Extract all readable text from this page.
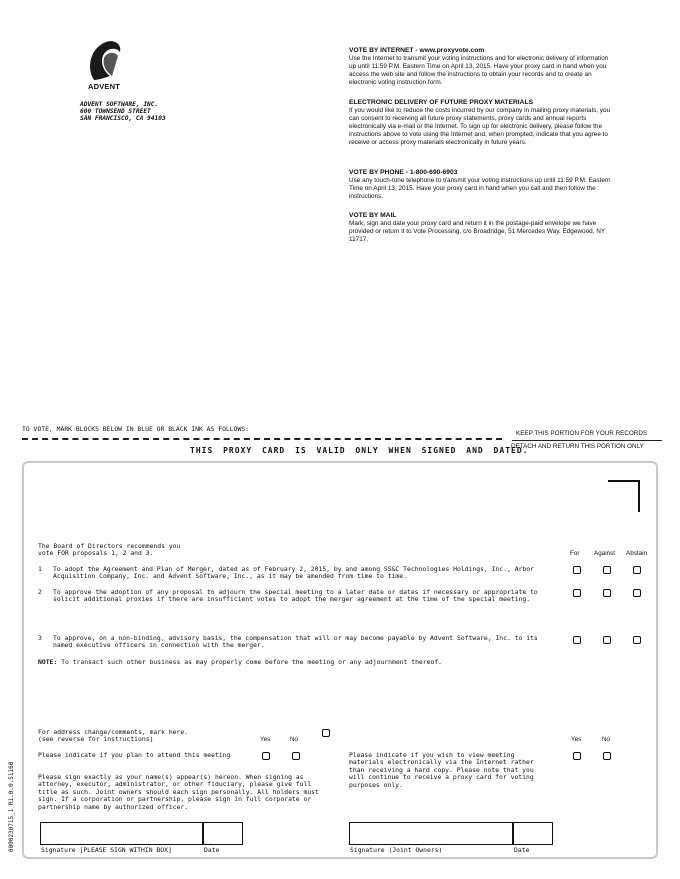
ADVENT
ADVENT SOFTWARE, INC.
600 TOWNSEND STREET
SAN FRANCISCO, CA 94103
VOTE BY INTERNET - www.proxyvote.com

Use the Internet to transmit your voting instructions and for electronic delivery of information up until 11:59 P.M. Eastern Time on April 13, 2015. Have your proxy card in hand when you access the web site and follow the instructions to obtain your records and to create an electronic voting instruction form.

ELECTRONIC DELIVERY OF FUTURE PROXY MATERIALS

If you would like to reduce the costs incurred by our company in mailing proxy materials, you can consent to receiving all future proxy statements, proxy cards and annual reports electronically via e-mail or the Internet. To sign up for electronic delivery, please follow the instructions above to vote using the Internet and, when prompted, indicate that you agree to receive or access proxy materials electronically in future years.

VOTE BY PHONE - 1-800-690-6903

Use any touch-tone telephone to transmit your voting instructions up until 11:59 P.M. Eastern Time on April 13, 2015. Have your proxy card in hand when you call and then follow the instructions.

VOTE BY MAIL

Mark, sign and date your proxy card and return it in the postage-paid envelope we have provided or return it to Vote Processing, c/o Broadridge, 51 Mercedes Way, Edgewood, NY 11717.

TO VOTE, MARK BLOCKS BELOW IN BLUE OR BLACK INK AS FOLLOWS:
KEEP THIS PORTION FOR YOUR RECORDS
DETACH AND RETURN THIS PORTION ONLY
THIS PROXY CARD IS VALID ONLY WHEN SIGNED AND DATED.
The Board of Directors recommends you
vote FOR proposals 1, 2 and 3.	For Against Abstain
1 To adopt the Agreement and Plan of Merger, dated as of February 2, 2015, by and among SS&C Technologies Holdings, Inc., Arbor Acquisition Company, Inc. and Advent Software, Inc., as it may be amended from time to time.
2 To approve the adoption of any proposal to adjourn the special meeting to a later date or dates if necessary or appropriate to solicit additional proxies if there are insufficient votes to adopt the merger agreement at the time of the special meeting.
3 To approve, on a non-binding, advisory basis, the compensation that will or may become payable by Advent Software, Inc. to its named executive officers in connection with the merger.
NOTE: To transact such other business as may properly come before the meeting or any adjournment thereof.
For address change/comments, mark here.
(see reverse for instructions)	Yes	No	Yes	No
Please indicate if you plan to attend this meeting	Please indicate if you wish to view meeting materials electronically via the Internet rather than receiving a hard copy. Please note that you will continue to receive a proxy card for voting purposes only.
Please sign exactly as your name(s) appear(s) hereon. When signing as attorney, executor, administrator, or other fiduciary, please give full title as such. Joint owners should each sign personally. All holders must sign. If a corporation or partnership, please sign in full corporate or partnership name by authorized officer.
Signature [PLEASE SIGN WITHIN BOX]	Date	Signature (Joint Owners)	Date
0000230715_1 R1.0.0.51160
